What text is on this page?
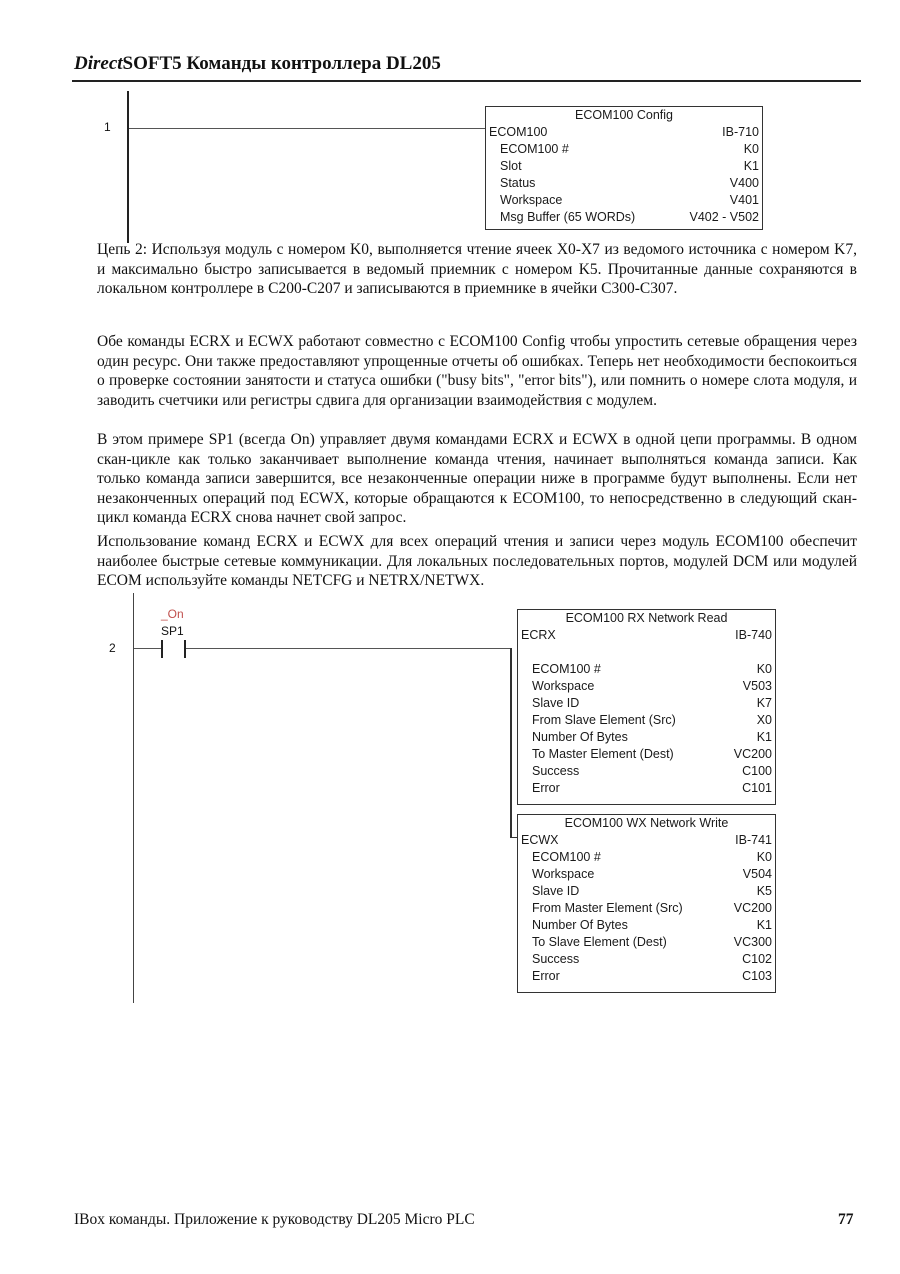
DirectSOFT5 Команды контроллера DL205
1
ECOM100 Config
ECOM100	IB-710
ECOM100 #	K0
Slot	K1
Status	V400
Workspace	V401
Msg Buffer (65 WORDs)	V402 - V502

Цепь 2: Используя модуль с номером K0, выполняется чтение ячеек X0-X7 из ведомого источника с номером K7, и максимально быстро записывается в ведомый приемник с номером K5. Прочитанные данные сохраняются в локальном контроллере в C200-C207 и записываются в приемнике в ячейки C300-C307.

Обе команды ECRX и ECWX работают совместно с ECOM100 Config чтобы упростить сетевые обращения через один ресурс. Они также предоставляют упрощенные отчеты об ошибках. Теперь нет необходимости беспокоиться о проверке состоянии занятости и статуса ошибки ("busy bits", "error bits"), или помнить о номере слота модуля, и заводить счетчики или регистры сдвига для организации взаимодействия с модулем.

В этом примере SP1 (всегда On) управляет двумя командами ECRX и ECWX в одной цепи программы. В одном скан-цикле как только заканчивает выполнение команда чтения, начинает выполняться команда записи. Как только команда записи завершится, все незаконченные операции ниже в программе будут выполнены. Если нет незаконченных операций под ECWX, которые обращаются к ECOM100, то непосредственно в следующий скан-цикл команда ECRX снова начнет свой запрос.

Использование команд ECRX и ECWX для всех операций чтения и записи через модуль ECOM100 обеспечит наиболее быстрые сетевые коммуникации. Для локальных последовательных портов, модулей DCM или модулей ECOM используйте команды NETCFG и NETRX/NETWX.

2
_On
SP1
ECOM100 RX Network Read
ECRX	IB-740
ECOM100 #	K0
Workspace	V503
Slave ID	K7
From Slave Element (Src)	X0
Number Of Bytes	K1
To Master Element (Dest)	VC200
Success	C100
Error	C101
ECOM100 WX Network Write
ECWX	IB-741
ECOM100 #	K0
Workspace	V504
Slave ID	K5
From Master Element (Src)	VC200
Number Of Bytes	K1
To Slave Element (Dest)	VC300
Success	C102
Error	C103
IBox команды. Приложение к руководству DL205 Micro PLC	77
